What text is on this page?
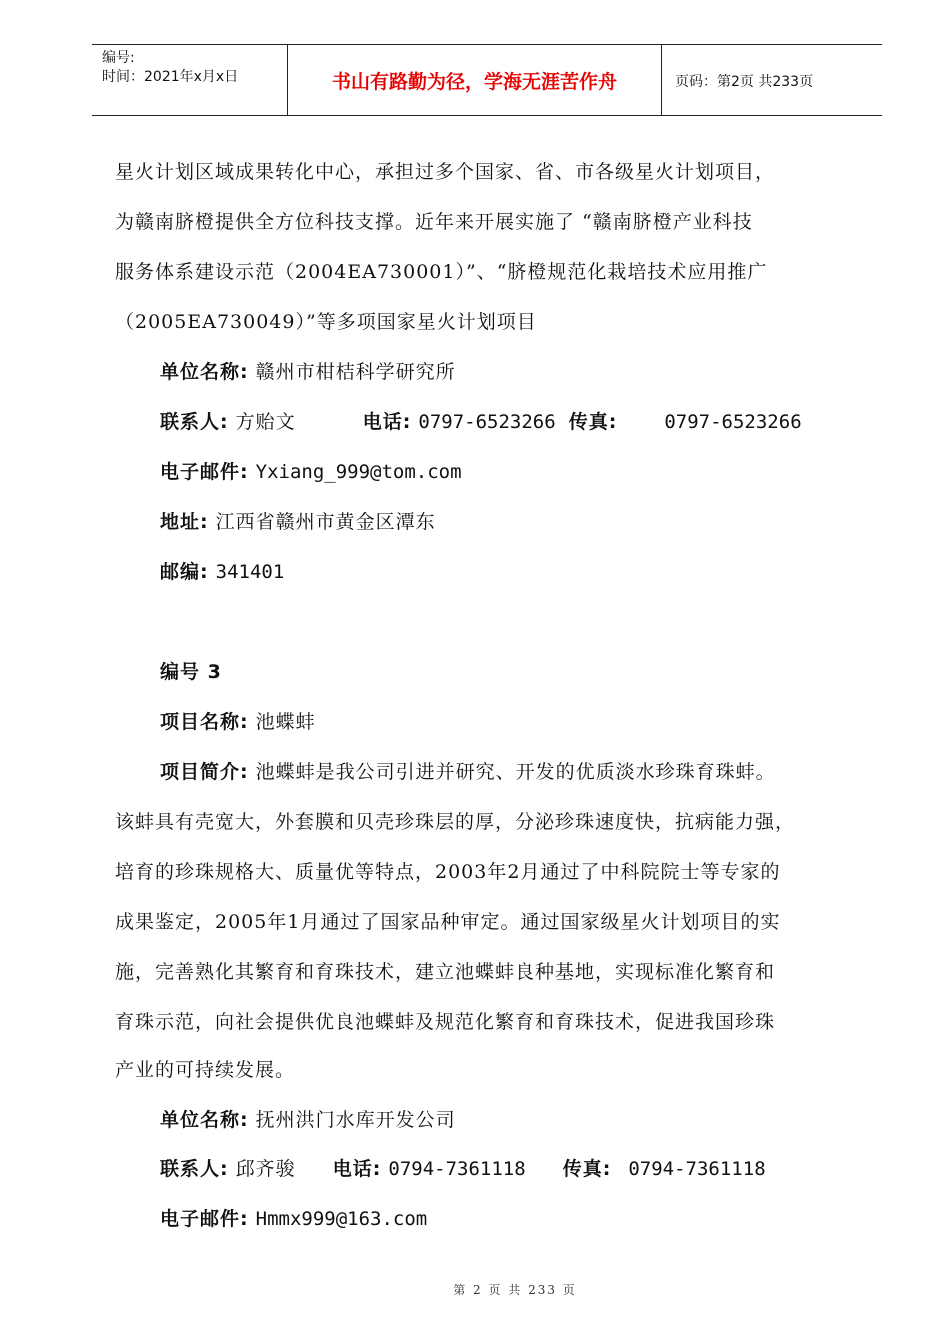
编号:
时间：2021年x月x日	书山有路勤为径，学海无涯苦作舟	页码：第2页 共233页
星火计划区域成果转化中心，承担过多个国家、省、市各级星火计划项目，
为赣南脐橙提供全方位科技支撑。近年来开展实施了 “赣南脐橙产业科技
服务体系建设示范（2004EA730001）”、“脐橙规范化栽培技术应用推广
（2005EA730049）”等多项国家星火计划项目
单位名称: 赣州市柑桔科学研究所
联系人: 方贻文	电话: 0797-6523266 传真: 0797-6523266
电子邮件: Yxiang_999@tom.com
地址: 江西省赣州市黄金区潭东
邮编: 341401
编号 3
项目名称: 池蝶蚌
项目简介: 池蝶蚌是我公司引进并研究、开发的优质淡水珍珠育珠蚌。
该蚌具有壳宽大，外套膜和贝壳珍珠层的厚，分泌珍珠速度快，抗病能力强，
培育的珍珠规格大、质量优等特点，2003年2月通过了中科院院士等专家的
成果鉴定，2005年1月通过了国家品种审定。通过国家级星火计划项目的实
施，完善熟化其繁育和育珠技术，建立池蝶蚌良种基地，实现标准化繁育和
育珠示范，向社会提供优良池蝶蚌及规范化繁育和育珠技术，促进我国珍珠
产业的可持续发展。
单位名称: 抚州洪门水库开发公司
联系人: 邱齐骏 电话: 0794-7361118 传真: 0794-7361118
电子邮件: Hmmx999@163.com
第 2 页 共 233 页
